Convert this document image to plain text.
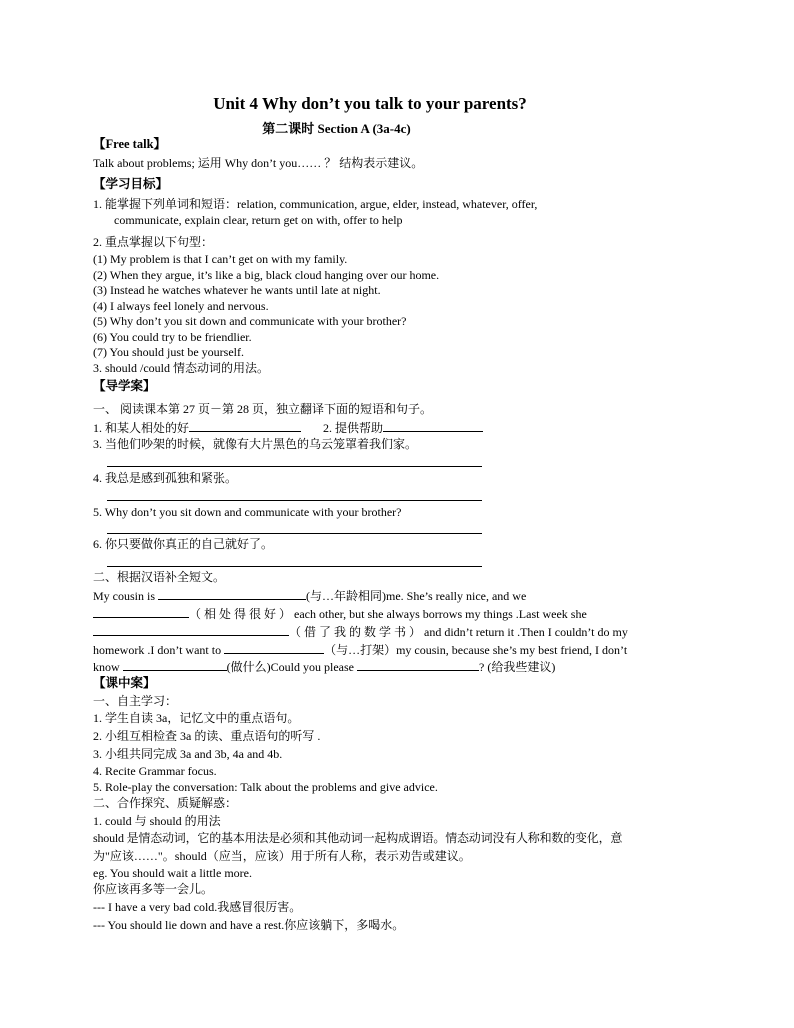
Unit 4 Why don’t you talk to your parents?
第二课时 Section A (3a-4c)
【Free talk】
Talk about problems; 运用 Why don’t you…… ？ 结构表示建议。
【学习目标】
1. 能掌握下列单词和短语：relation, communication, argue, elder, instead, whatever, offer,
communicate, explain clear, return get on with, offer to help
2. 重点掌握以下句型：
(1) My problem is that I can’t get on with my family.
(2) When they argue, it’s like a big, black cloud hanging over our home.
(3) Instead he watches whatever he wants until late at night.
(4) I always feel lonely and nervous.
(5) Why don’t you sit down and communicate with your brother?
(6) You could try to be friendlier.
(7) You should just be yourself.
3. should /could 情态动词的用法。
【导学案】
一、 阅读课本第 27 页－第 28 页，独立翻译下面的短语和句子。
1. 和某人相处的好	2. 提供帮助
3. 当他们吵架的时候，就像有大片黑色的乌云笼罩着我们家。
4. 我总是感到孤独和紧张。
5. Why don’t you sit down and communicate with your brother?
6. 你只要做你真正的自己就好了。
二、根据汉语补全短文。
My cousin is	(与…年龄相同)me. She’s really nice, and we
（ 相 处 得 很 好 ） each other, but she always borrows my things .Last week she
（ 借 了 我 的 数 学 书 ） and didn’t return it .Then I couldn’t do my
homework .I don’t want to	（与…打架）my cousin, because she’s my best friend, I don’t
know	(做什么)Could you please	? (给我些建议)
【课中案】
一、自主学习：
1. 学生自读 3a，记忆文中的重点语句。
2. 小组互相检查 3a 的读、重点语句的听写 .
3. 小组共同完成 3a and 3b, 4a and 4b.
4. Recite Grammar focus.
5. Role-play the conversation: Talk about the problems and give advice.
二、合作探究、质疑解惑：
1. could 与 should 的用法
should 是情态动词，它的基本用法是必须和其他动词一起构成谓语。情态动词没有人称和数的变化，意
为"应该……"。should（应当，应该）用于所有人称，表示劝告或建议。
eg. You should wait a little more.
你应该再多等一会儿。
--- I have a very bad cold.我感冒很厉害。
--- You should lie down and have a rest.你应该躺下，多喝水。
